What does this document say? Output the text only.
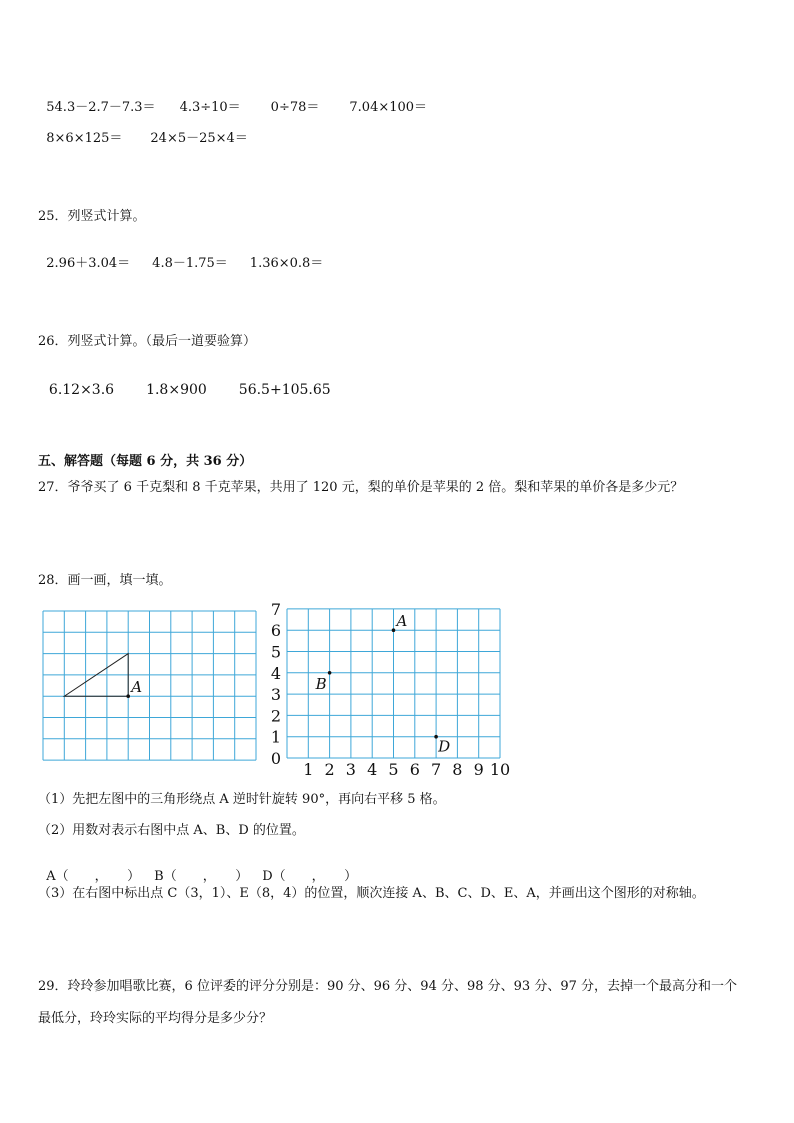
54.3－2.7－7.3＝ 4.3÷10＝ 0÷78＝ 7.04×100＝

8×6×125＝ 24×5－25×4＝

25．列竖式计算。

2.96＋3.04＝ 4.8－1.75＝ 1.36×0.8＝

26．列竖式计算。（最后一道要验算）

6.12×3.6 1.8×900 56.5+105.65

五、解答题（每题 6 分，共 36 分）
27．爷爷买了 6 千克梨和 8 千克苹果，共用了 120 元，梨的单价是苹果的 2 倍。梨和苹果的单价各是多少元？
28．画一画，填一填。
A
0
1
2
3
4
5
6
7
1 2 3 4 5 6 7 8 9 10
A
B
D
（1）先把左图中的三角形绕点 A 逆时针旋转 90°，再向右平移 5 格。
（2）用数对表示右图中点 A、B、D 的位置。

A（　　，　　） B（　　，　　） D（　　，　　）

（3）在右图中标出点 C（3，1）、E（8，4）的位置，顺次连接 A、B、C、D、E、A，并画出这个图形的对称轴。
29．玲玲参加唱歌比赛，6 位评委的评分分别是：90 分、96 分、94 分、98 分、93 分、97 分，去掉一个最高分和一个
最低分，玲玲实际的平均得分是多少分？
